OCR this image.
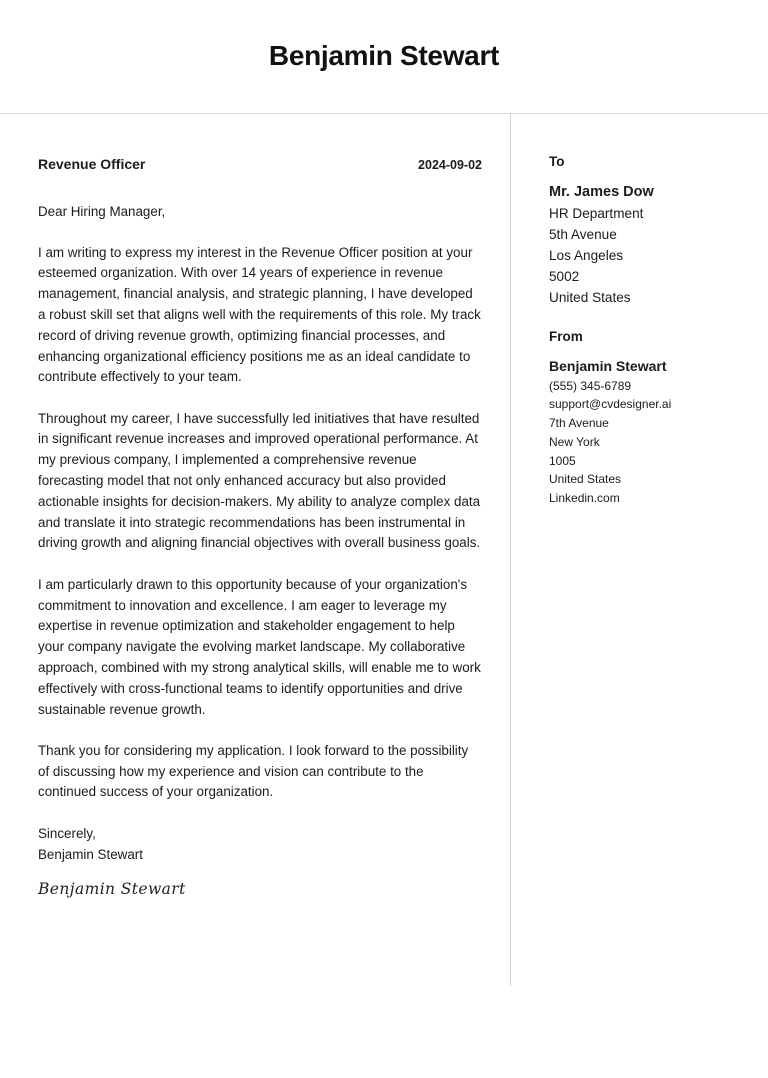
Benjamin Stewart
Revenue Officer	2024-09-02

Dear Hiring Manager,

I am writing to express my interest in the Revenue Officer position at your esteemed organization. With over 14 years of experience in revenue management, financial analysis, and strategic planning, I have developed a robust skill set that aligns well with the requirements of this role. My track record of driving revenue growth, optimizing financial processes, and enhancing organizational efficiency positions me as an ideal candidate to contribute effectively to your team.

Throughout my career, I have successfully led initiatives that have resulted in significant revenue increases and improved operational performance. At my previous company, I implemented a comprehensive revenue forecasting model that not only enhanced accuracy but also provided actionable insights for decision-makers. My ability to analyze complex data and translate it into strategic recommendations has been instrumental in driving growth and aligning financial objectives with overall business goals.

I am particularly drawn to this opportunity because of your organization's commitment to innovation and excellence. I am eager to leverage my expertise in revenue optimization and stakeholder engagement to help your company navigate the evolving market landscape. My collaborative approach, combined with my strong analytical skills, will enable me to work effectively with cross-functional teams to identify opportunities and drive sustainable revenue growth.

Thank you for considering my application. I look forward to the possibility of discussing how my experience and vision can contribute to the continued success of your organization.

Sincerely,

Benjamin Stewart

Benjamin Stewart

To

Mr. James Dow
HR Department
5th Avenue
Los Angeles
5002
United States

From

Benjamin Stewart
(555) 345-6789
support@cvdesigner.ai
7th Avenue
New York
1005
United States
Linkedin.com
